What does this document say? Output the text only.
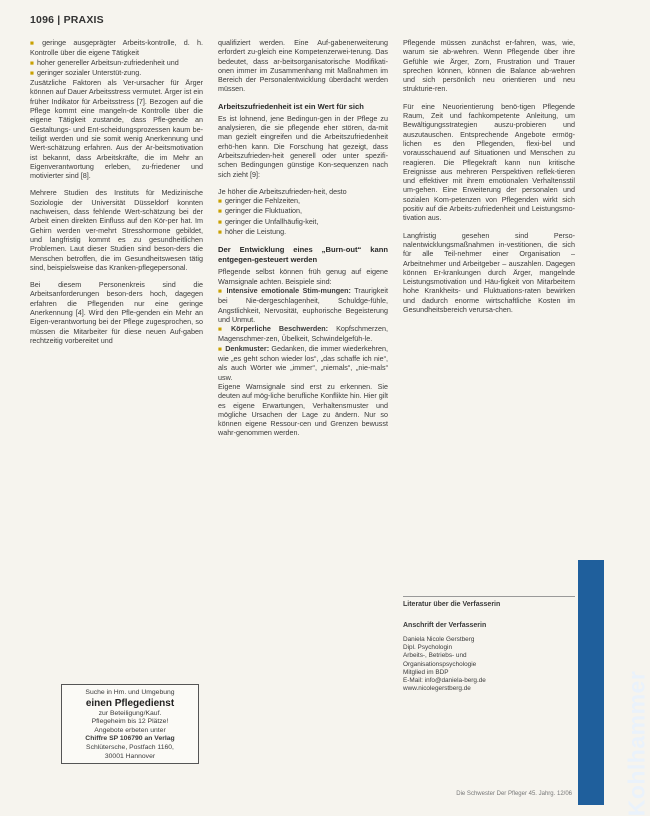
1096 | PRAXIS
■ geringe ausgeprägter Arbeits-kontrolle, d. h. Kontrolle über die eigene Tätigkeit
■ hoher genereller Arbeitsun-zufriedenheit und
■ geringer sozialer Unterstüt-zung.

Zusätzliche Faktoren als Ver-ursacher für Ärger können auf Dauer Arbeitsstress vermutet. Ärger ist ein früher Indikator für Arbeitsstress [7]. Bezogen auf die Pflege kommt eine mangeln-de Kontrolle über die eigene Tätigkeit zustande, dass Pfle-gende an Gestaltungs- und Ent-scheidungsprozessen kaum be-teiligt werden und sie somit wenig Anerkennung und Wert-schätzung erfahren. Aus der Ar-beitsmotivation ist bekannt, dass Arbeitskräfte, die im Mehr an Eigenverantwortung erleben, zu-friedener und motivierter sind [8].

Mehrere Studien des Instituts für Medizinische Soziologie der Universität Düsseldorf konnten nachweisen, dass fehlende Wert-schätzung bei der Arbeit einen direkten Einfluss auf den Kör-per hat. Im Gehirn werden ver-mehrt Stresshormone gebildet, und langfristig kommt es zu gesundheitlichen Problemen. Laut dieser Studien sind beson-ders die Menschen betroffen, die im Gesundheitswesen tätig sind, beispielsweise das Kranken-pflegepersonal.

Bei diesem Personenkreis sind die Arbeitsanforderungen beson-ders hoch, dagegen erfahren die Pflegenden nur eine geringe Anerkennung [4]. Wird den Pfle-genden ein Mehr an Eigen-verantwortung bei der Pflege zugesprochen, so müssen die Mitarbeiter für diese neuen Auf-gaben rechtzeitig vorbereitet und

Suche in Hm. und Umgebung
einen Pflegedienst
zur Beteiligung/Kauf.
Pflegeheim bis 12 Plätze!
Angebote erbeten unter
Chiffre SP 106790 an Verlag
Schlütersche, Postfach 1160,
30001 Hannover

qualifiziert werden. Eine Auf-gabenerweiterung erfordert zu-gleich eine Kompetenzerwei-terung. Das bedeutet, dass ar-beitsorganisatorische Modifikati-onen immer im Zusammenhang mit Maßnahmen im Bereich der Personalentwicklung überdacht werden müssen.

Arbeitszufriedenheit ist ein Wert für sich

Es ist lohnend, jene Bedingun-gen in der Pflege zu analysieren, die sie pflegende eher stören, da-mit man gezielt eingreifen und die Arbeitszufriedenheit erhö-hen kann. Die Forschung hat gezeigt, dass Arbeitszufrieden-heit generell oder unter spezifi-schen Bedingungen günstige Kon-sequenzen nach sich zieht [9]:

Je höher die Arbeitszufrieden-heit, desto

■ geringer die Fehlzeiten,
■ geringer die Fluktuation,
■ geringer die Unfallhäufig-keit,
■ höher die Leistung.
Der Entwicklung eines „Burn-out“ kann entgegen-gesteuert werden

Pflegende selbst können früh genug auf eigene Warnsignale achten. Beispiele sind:

■ Intensive emotionale Stim-mungen: Traurigkeit bei Nie-dergeschlagenheit, Schuldge-fühle, Angstlichkeit, Nervosität, euphorische Begeisterung und Unmut.
■ Körperliche Beschwerden: Kopfschmerzen, Magenschmer-zen, Übelkeit, Schwindelgefüh-le.
■ Denkmuster: Gedanken, die immer wiederkehren, wie „es geht schon wieder los“, „das schaffe ich nie“, als auch Wörter wie „immer“, „niemals“, „nie-mals“ usw.

Eigene Warnsignale sind erst zu erkennen. Sie deuten auf mög-liche berufliche Konflikte hin. Hier gilt es eigene Erwartungen, Verhaltensmuster und mögliche Ursachen der Lage zu ändern. Nur so können eigene Ressour-cen und Grenzen bewusst wahr-genommen werden.

Pflegende müssen zunächst er-fahren, was, wie, warum sie ab-wehren. Wenn Pflegende über ihre Gefühle wie Ärger, Zorn, Frustration und Trauer sprechen können, können die Balance ab-wehren und sich persönlich neu orientieren und neu strukturie-ren.

Für eine Neuorientierung benö-tigen Pflegende Raum, Zeit und fachkompetente Anleitung, um Bewältigungsstrategien auszu-probieren und auszutauschen. Entsprechende Angebote ermög-lichen es den Pflegenden, flexi-bel und vorausschauend auf Situationen und Menschen zu reagieren. Die Pflegekraft kann nun kritische Ereignisse aus mehreren Perspektiven reflek-tieren und effektiver mit ihrem emotionalen Verhaltensstil um-gehen. Eine Erweiterung der personalen und sozialen Kom-petenzen von Pflegenden wirkt sich positiv auf die Arbeits-zufriedenheit und Leistungsmo-tivation aus.

Langfristig gesehen sind Perso-nalentwicklungsmaßnahmen in-vestitionen, die sich für alle Teil-nehmer einer Organisation – Arbeitnehmer und Arbeitgeber – auszahlen. Dagegen können Er-krankungen durch Ärger, mangelnde Leistungsmotivation und Häu-figkeit von Mitarbeitern hohe Krankheits- und Fluktuations-raten bewirken und dadurch enorme wirtschaftliche Kosten im Gesundheitsbereich verursa-chen.

Literatur über die Verfasserin
Anschrift der Verfasserin
Daniela Nicole Gerstberg
Dipl. Psychologin
Arbeits-, Betriebs- und
Organisationspsychologie
Mitglied im BDP
E-Mail: info@daniela-berg.de
www.nicolegerstberg.de	Kohlhammer
Die Schwester Der Pfleger 45. Jahrg. 12/06
